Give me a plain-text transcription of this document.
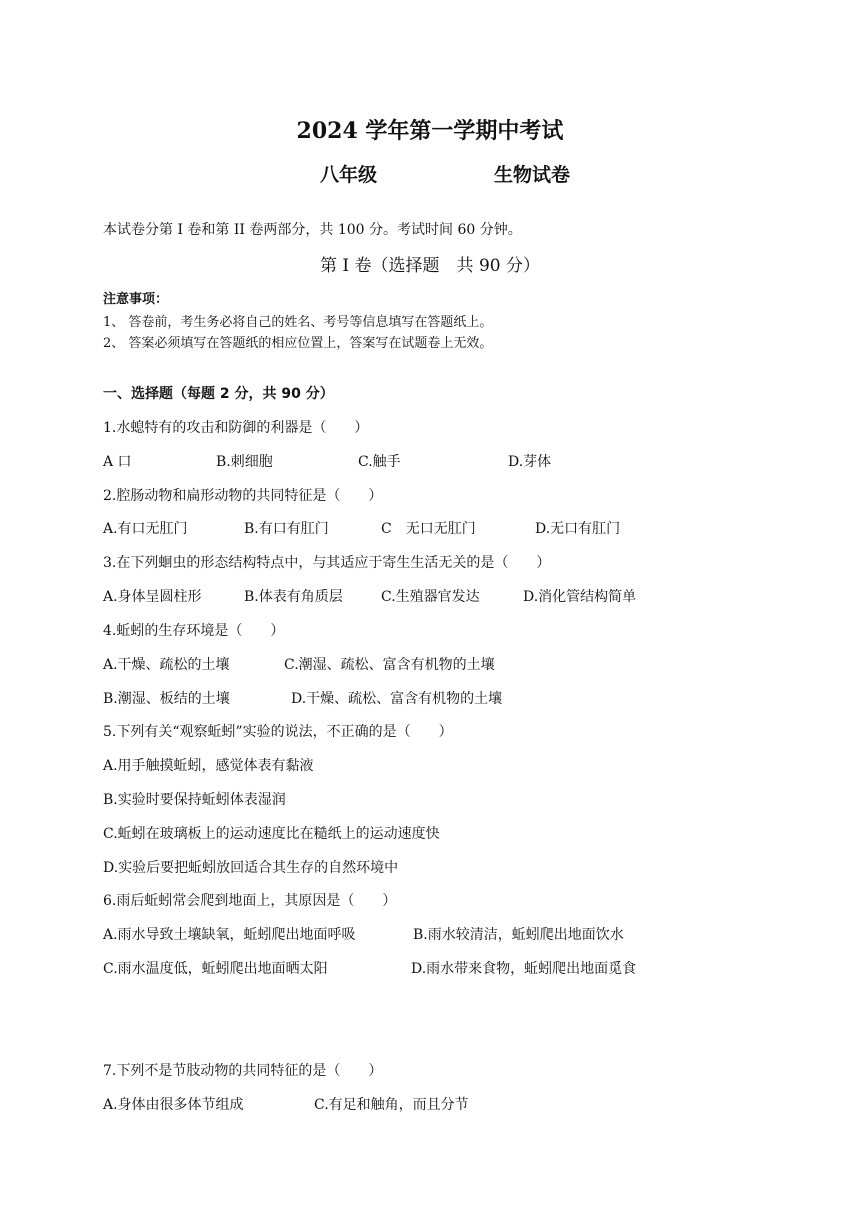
2024 学年第一学期中考试
八年级	生物试卷
本试卷分第 I 卷和第 II 卷两部分，共 100 分。考试时间 60 分钟。
第 I 卷（选择题　共 90 分）
注意事项：
1、 答卷前，考生务必将自己的姓名、考号等信息填写在答题纸上。
2、 答案必须填写在答题纸的相应位置上，答案写在试题卷上无效。
一、选择题（每题 2 分，共 90 分）
1.水螅特有的攻击和防御的利器是（　　）
A 口	B.刺细胞	C.触手	D.芽体
2.腔肠动物和扁形动物的共同特征是（　　）
A.有口无肛门	B.有口有肛门	C　无口无肛门	D.无口有肛门
3.在下列蛔虫的形态结构特点中，与其适应于寄生生活无关的是（　　）
A.身体呈圆柱形	B.体表有角质层	C.生殖器官发达	D.消化管结构简单
4.蚯蚓的生存环境是（　　）
A.干燥、疏松的土壤	C.潮湿、疏松、富含有机物的土壤
B.潮湿、板结的土壤	D.干燥、疏松、富含有机物的土壤
5.下列有关“观察蚯蚓”实验的说法，不正确的是（　　）
A.用手触摸蚯蚓，感觉体表有黏液
B.实验时要保持蚯蚓体表湿润
C.蚯蚓在玻璃板上的运动速度比在糙纸上的运动速度快
D.实验后要把蚯蚓放回适合其生存的自然环境中
6.雨后蚯蚓常会爬到地面上，其原因是（　　）
A.雨水导致土壤缺氧，蚯蚓爬出地面呼吸	B.雨水较清洁，蚯蚓爬出地面饮水
C.雨水温度低，蚯蚓爬出地面晒太阳	D.雨水带来食物，蚯蚓爬出地面觅食
7.下列不是节肢动物的共同特征的是（　　）
A.身体由很多体节组成	C.有足和触角，而且分节
